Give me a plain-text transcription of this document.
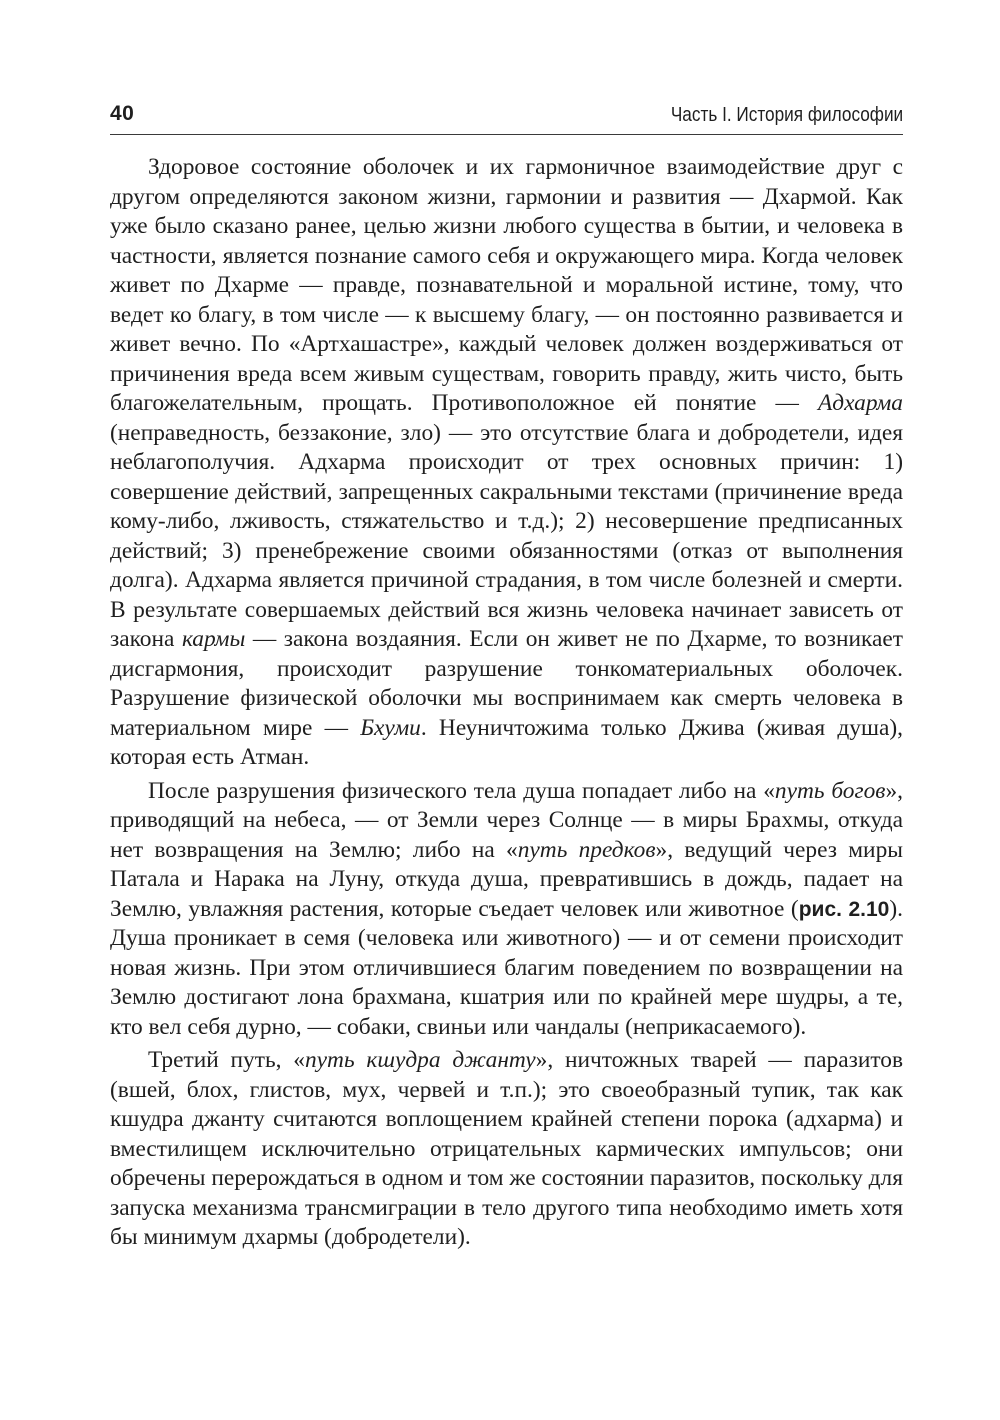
40	Часть I. История философии

Здоровое состояние оболочек и их гармоничное взаимодействие друг с другом определяются законом жизни, гармонии и развития — Дхармой. Как уже было сказано ранее, целью жизни любого существа в бытии, и человека в частности, является познание самого себя и окружающего мира. Когда человек живет по Дхарме — правде, познавательной и моральной истине, тому, что ведет ко благу, в том числе — к высшему благу, — он постоянно развивается и живет вечно. По «Артхашастре», каждый человек должен воздерживаться от причинения вреда всем живым существам, говорить правду, жить чисто, быть благожелательным, прощать. Противоположное ей понятие — Адхарма (неправедность, беззаконие, зло) — это отсутствие блага и добродетели, идея неблагополучия. Адхарма происходит от трех основных причин: 1) совершение действий, запрещенных сакральными текстами (причинение вреда кому-либо, лживость, стяжательство и т.д.); 2) несовершение предписанных действий; 3) пренебрежение своими обязанностями (отказ от выполнения долга). Адхарма является причиной страдания, в том числе болезней и смерти. В результате совершаемых действий вся жизнь человека начинает зависеть от закона кармы — закона воздаяния. Если он живет не по Дхарме, то возникает дисгармония, происходит разрушение тонкоматериальных оболочек. Разрушение физической оболочки мы воспринимаем как смерть человека в материальном мире — Бхуми. Неуничтожима только Джива (живая душа), которая есть Атман.

После разрушения физического тела душа попадает либо на «путь богов», приводящий на небеса, — от Земли через Солнце — в миры Брахмы, откуда нет возвращения на Землю; либо на «путь предков», ведущий через миры Патала и Нарака на Луну, откуда душа, превратившись в дождь, падает на Землю, увлажняя растения, которые съедает человек или животное (рис. 2.10). Душа проникает в семя (человека или животного) — и от семени происходит новая жизнь. При этом отличившиеся благим поведением по возвращении на Землю достигают лона брахмана, кшатрия или по крайней мере шудры, а те, кто вел себя дурно, — собаки, свиньи или чандалы (неприкасаемого).

Третий путь, «путь кшудра джанту», ничтожных тварей — паразитов (вшей, блох, глистов, мух, червей и т.п.); это своеобразный тупик, так как кшудра джанту считаются воплощением крайней степени порока (адхарма) и вместилищем исключительно отрицательных кармических импульсов; они обречены перерождаться в одном и том же состоянии паразитов, поскольку для запуска механизма трансмиграции в тело другого типа необходимо иметь хотя бы минимум дхармы (добродетели).
